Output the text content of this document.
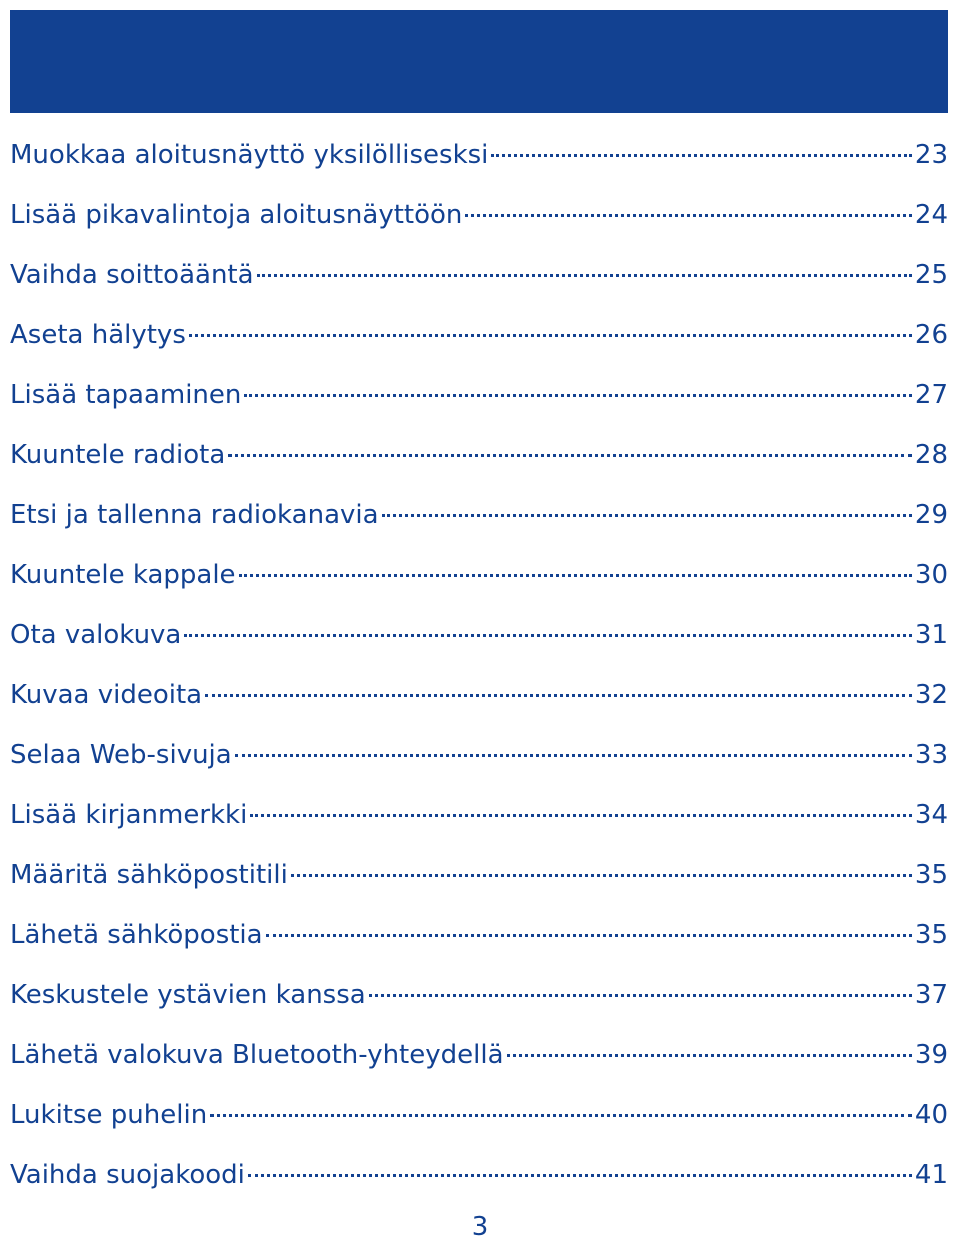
Muokkaa aloitusnäyttö yksilöllisesksi	23
Lisää pikavalintoja aloitusnäyttöön	24
Vaihda soittoääntä	25
Aseta hälytys	26
Lisää tapaaminen	27
Kuuntele radiota	28
Etsi ja tallenna radiokanavia	29
Kuuntele kappale	30
Ota valokuva	31
Kuvaa videoita	32
Selaa Web-sivuja	33
Lisää kirjanmerkki	34
Määritä sähköpostitili	35
Lähetä sähköpostia	35
Keskustele ystävien kanssa	37
Lähetä valokuva Bluetooth-yhteydellä	39
Lukitse puhelin	40
Vaihda suojakoodi	41
3
